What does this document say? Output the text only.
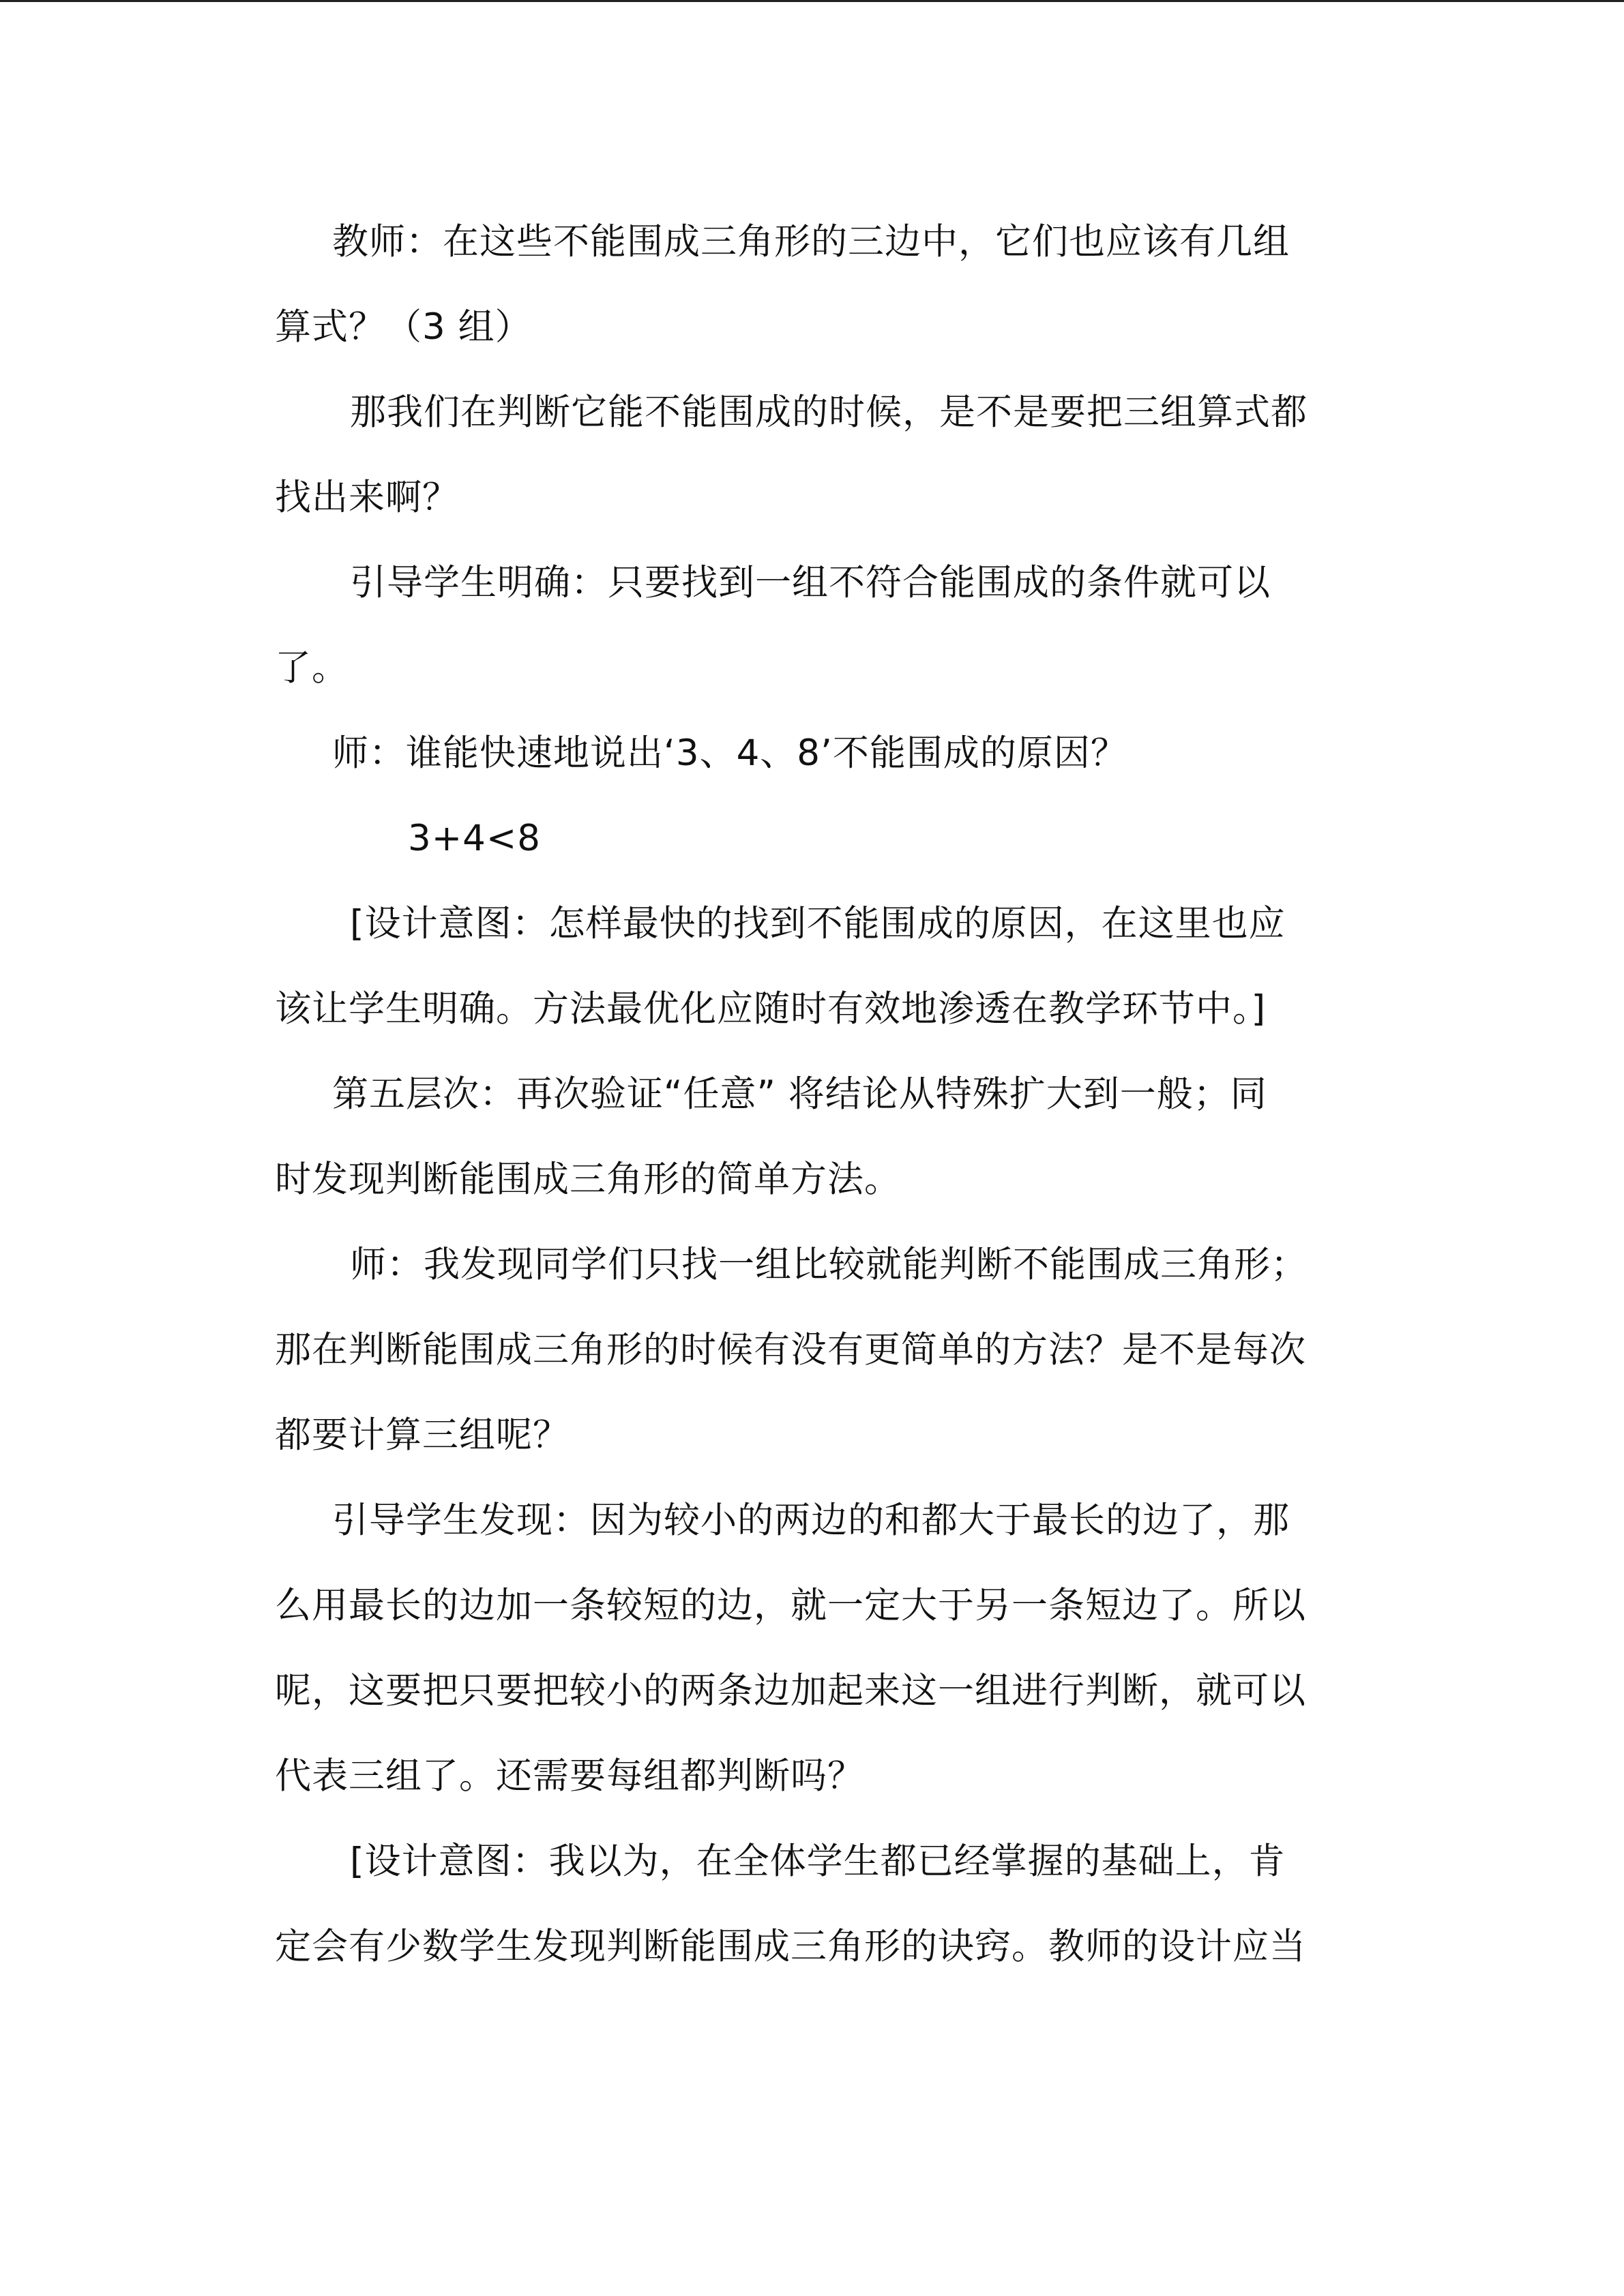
教师：在这些不能围成三角形的三边中，它们也应该有几组
算式？（3 组）
那我们在判断它能不能围成的时候，是不是要把三组算式都
找出来啊？
引导学生明确：只要找到一组不符合能围成的条件就可以
了。
师：谁能快速地说出‘3、4、8’不能围成的原因？
3+4<8
[设计意图：怎样最快的找到不能围成的原因，在这里也应
该让学生明确。方法最优化应随时有效地渗透在教学环节中。]
第五层次：再次验证“任意” 将结论从特殊扩大到一般；同
时发现判断能围成三角形的简单方法。
师：我发现同学们只找一组比较就能判断不能围成三角形；
那在判断能围成三角形的时候有没有更简单的方法？是不是每次
都要计算三组呢？
引导学生发现：因为较小的两边的和都大于最长的边了，那
么用最长的边加一条较短的边，就一定大于另一条短边了。所以
呢，这要把只要把较小的两条边加起来这一组进行判断，就可以
代表三组了。还需要每组都判断吗？
[设计意图：我以为，在全体学生都已经掌握的基础上，肯
定会有少数学生发现判断能围成三角形的诀窍。教师的设计应当
